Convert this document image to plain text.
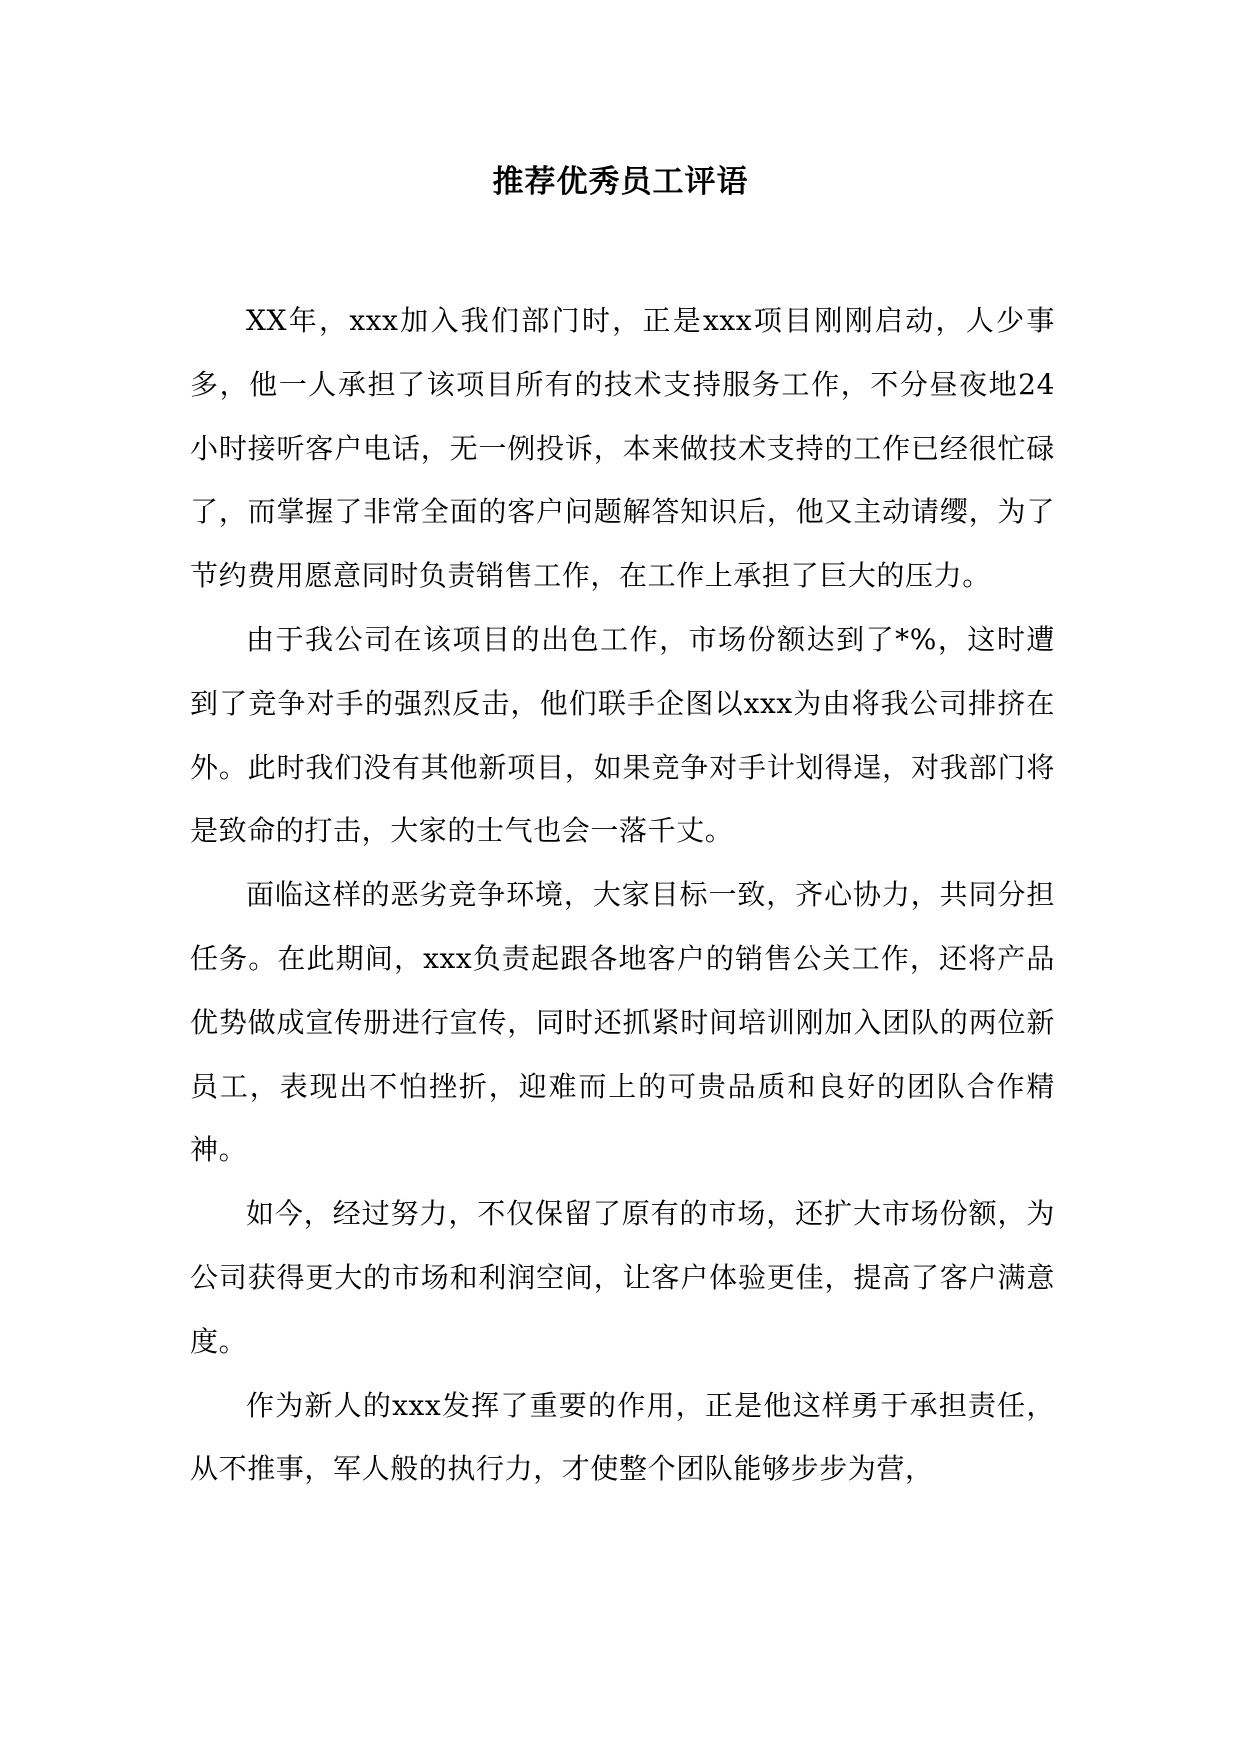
推荐优秀员工评语

XX年，xxx加入我们部门时，正是xxx项目刚刚启动，人少事多，他一人承担了该项目所有的技术支持服务工作，不分昼夜地24小时接听客户电话，无一例投诉，本来做技术支持的工作已经很忙碌了，而掌握了非常全面的客户问题解答知识后，他又主动请缨，为了节约费用愿意同时负责销售工作，在工作上承担了巨大的压力。

由于我公司在该项目的出色工作，市场份额达到了*%，这时遭到了竞争对手的强烈反击，他们联手企图以xxx为由将我公司排挤在外。此时我们没有其他新项目，如果竞争对手计划得逞，对我部门将是致命的打击，大家的士气也会一落千丈。

面临这样的恶劣竞争环境，大家目标一致，齐心协力，共同分担任务。在此期间，xxx负责起跟各地客户的销售公关工作，还将产品优势做成宣传册进行宣传，同时还抓紧时间培训刚加入团队的两位新员工，表现出不怕挫折，迎难而上的可贵品质和良好的团队合作精神。

如今，经过努力，不仅保留了原有的市场，还扩大市场份额，为公司获得更大的市场和利润空间，让客户体验更佳，提高了客户满意度。

作为新人的xxx发挥了重要的作用，正是他这样勇于承担责任，从不推事，军人般的执行力，才使整个团队能够步步为营，
